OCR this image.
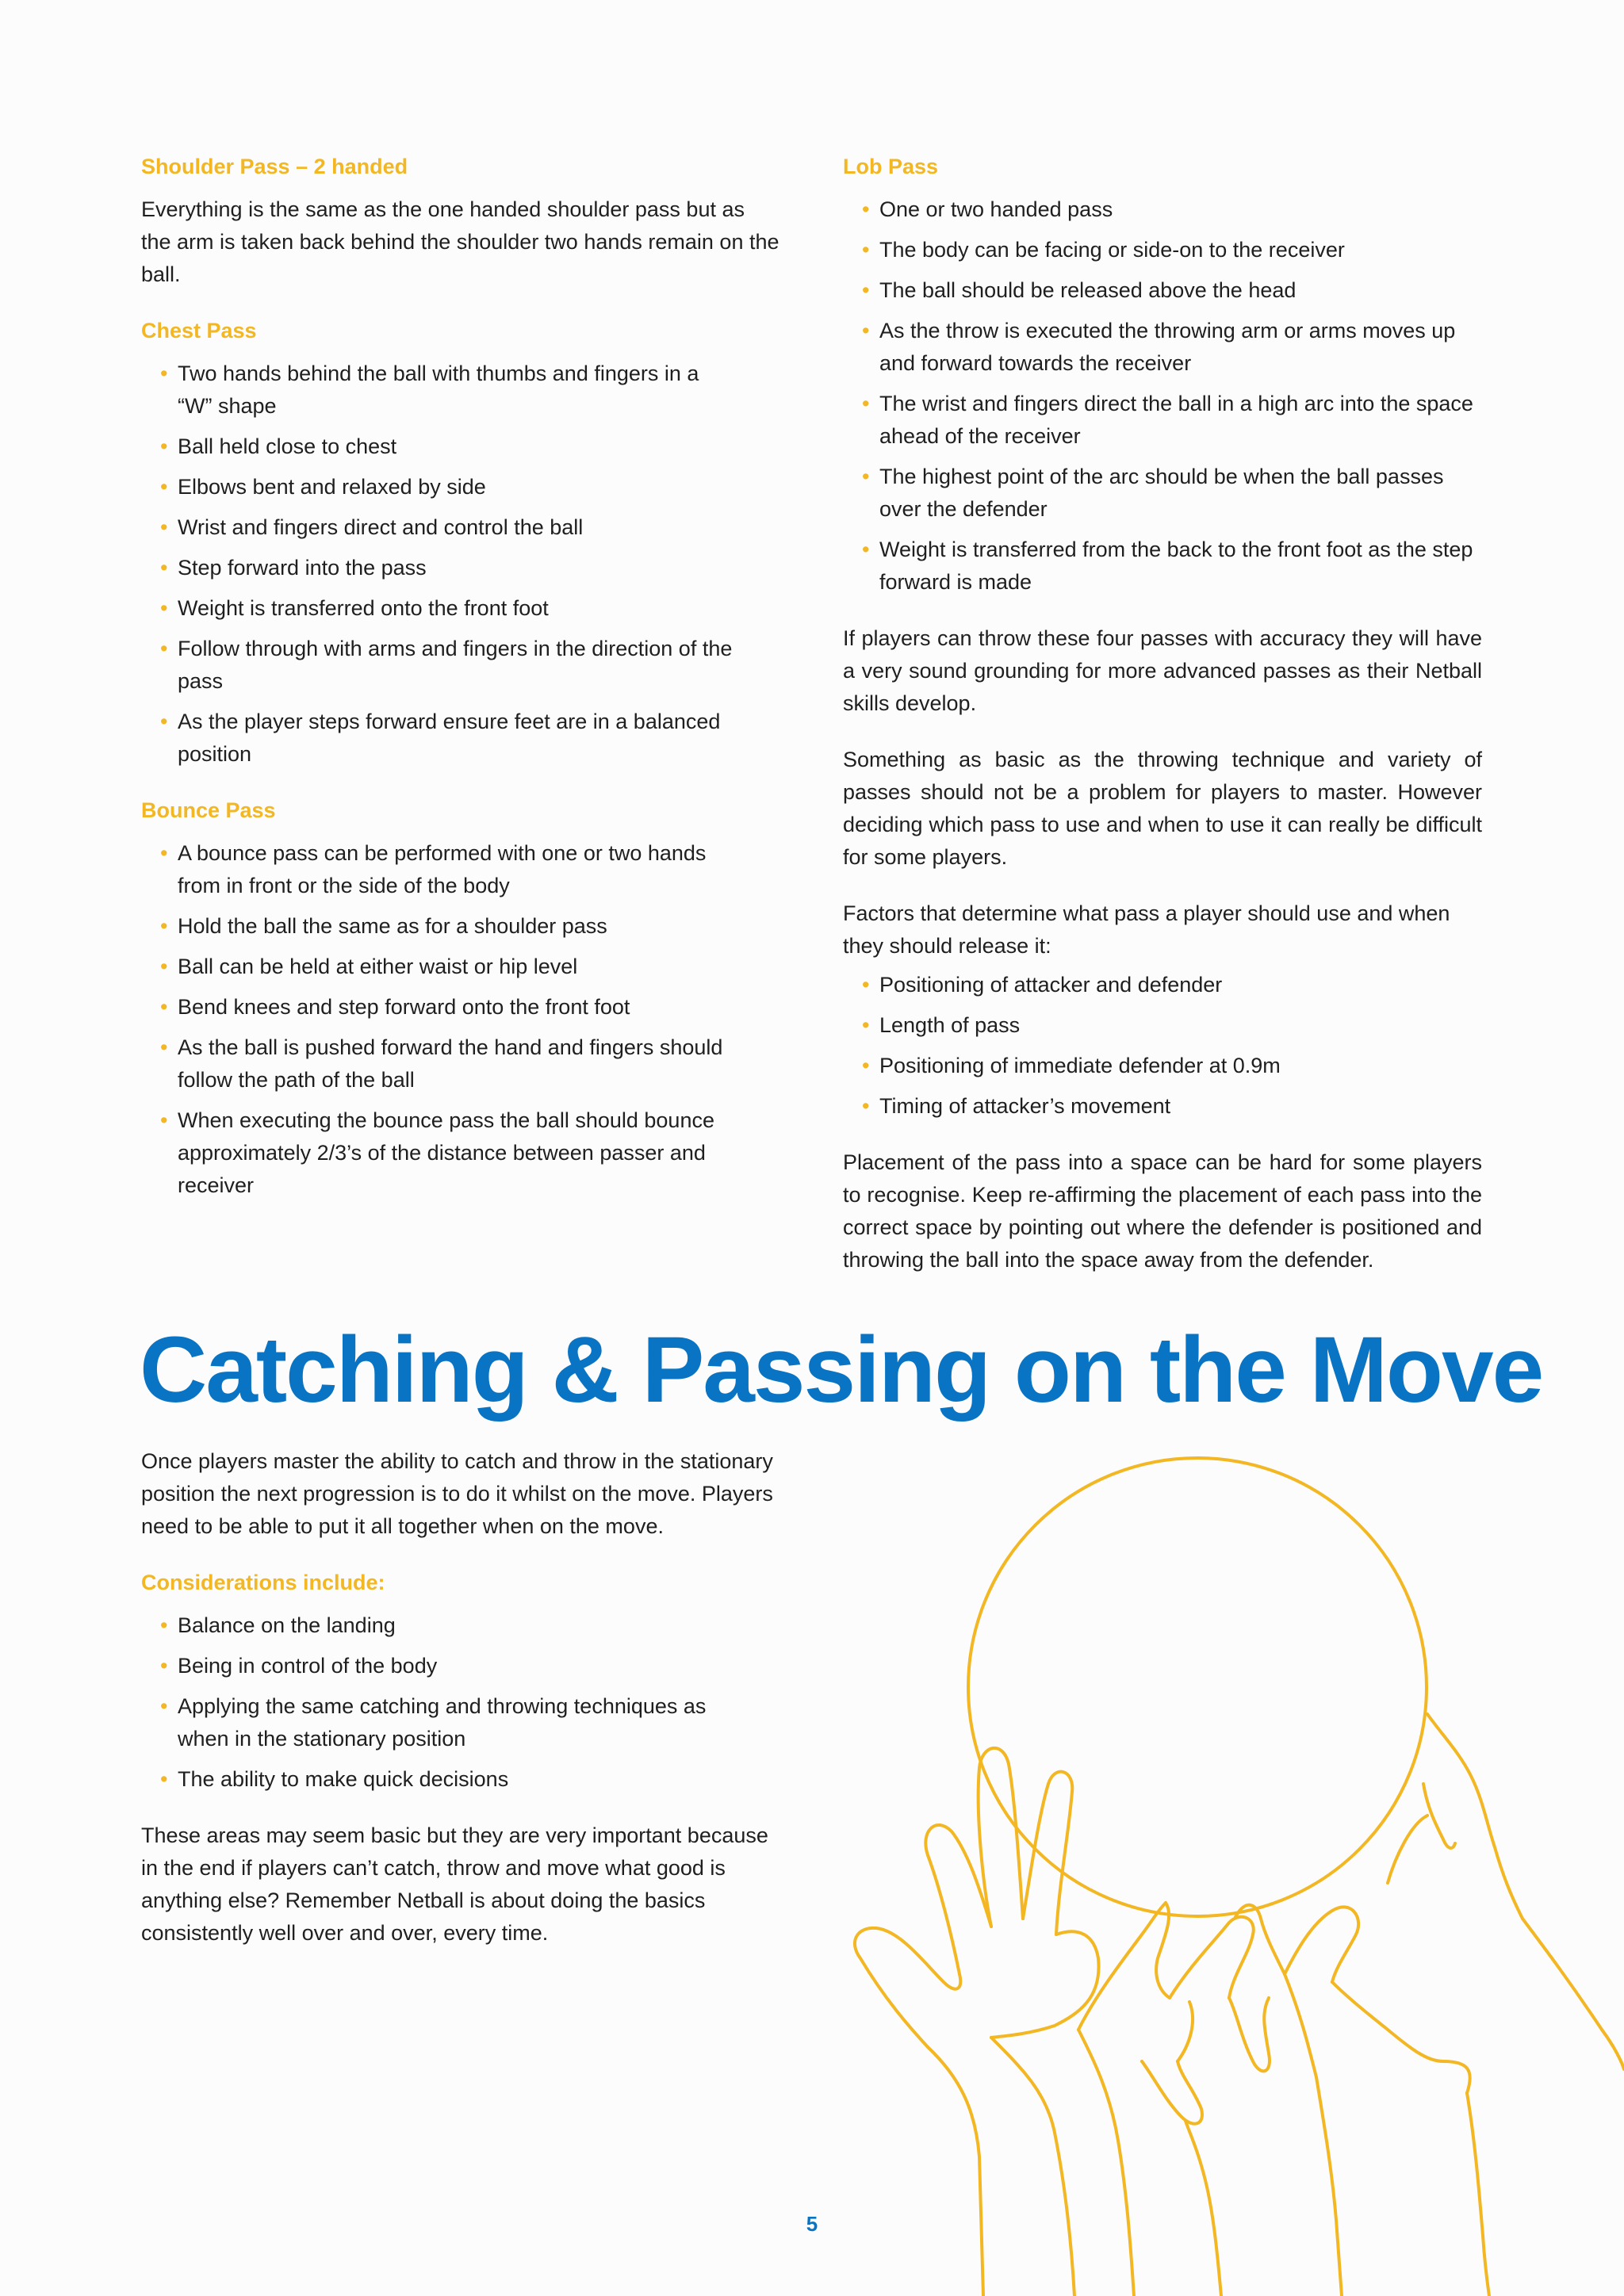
Shoulder Pass – 2 handed

Everything is the same as the one handed shoulder pass but as the arm is taken back behind the shoulder two hands remain on the ball.

Chest Pass
• Two hands behind the ball with thumbs and fingers in a “W” shape
• Ball held close to chest
• Elbows bent and relaxed by side
• Wrist and fingers direct and control the ball
• Step forward into the pass
• Weight is transferred onto the front foot
• Follow through with arms and fingers in the direction of the pass
• As the player steps forward ensure feet are in a balanced position
Bounce Pass
• A bounce pass can be performed with one or two hands from in front or the side of the body
• Hold the ball the same as for a shoulder pass
• Ball can be held at either waist or hip level
• Bend knees and step forward onto the front foot
• As the ball is pushed forward the hand and fingers should follow the path of the ball
• When executing the bounce pass the ball should bounce approximately 2/3’s of the distance between passer and receiver
Lob Pass
• One or two handed pass
• The body can be facing or side-on to the receiver
• The ball should be released above the head
• As the throw is executed the throwing arm or arms moves up and forward towards the receiver
• The wrist and fingers direct the ball in a high arc into the space ahead of the receiver
• The highest point of the arc should be when the ball passes over the defender
• Weight is transferred from the back to the front foot as the step forward is made

If players can throw these four passes with accuracy they will have a very sound grounding for more advanced passes as their Netball skills develop.

Something as basic as the throwing technique and variety of passes should not be a problem for players to master. However deciding which pass to use and when to use it can really be difficult for some players.

Factors that determine what pass a player should use and when they should release it:

• Positioning of attacker and defender
• Length of pass
• Positioning of immediate defender at 0.9m
• Timing of attacker’s movement

Placement of the pass into a space can be hard for some players to recognise. Keep re-affirming the placement of each pass into the correct space by pointing out where the defender is positioned and throwing the ball into the space away from the defender.

Catching & Passing on the Move

Once players master the ability to catch and throw in the stationary position the next progression is to do it whilst on the move. Players need to be able to put it all together when on the move.

Considerations include:
• Balance on the landing
• Being in control of the body
• Applying the same catching and throwing techniques as when in the stationary position
• The ability to make quick decisions

These areas may seem basic but they are very important because in the end if players can’t catch, throw and move what good is anything else? Remember Netball is about doing the basics consistently well over and over, every time.

5
